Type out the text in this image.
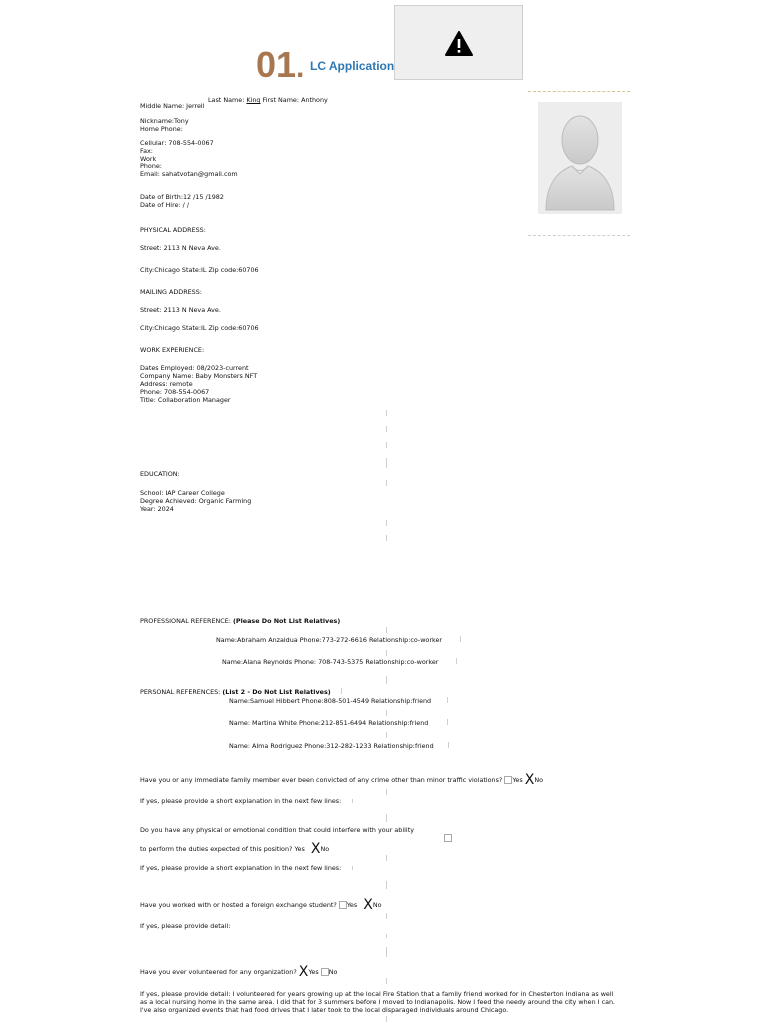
01. LC Application
Last Name: King First Name: Anthony
Middle Name: Jerrell
Nickname:Tony
Home Phone:
Cellular: 708-554-0067
Fax:
Work
Phone:
Email: sahatvotan@gmail.com
Date of Birth:12 /15 /1982
Date of Hire: / /
PHYSICAL ADDRESS:
Street: 2113 N Neva Ave.
City:Chicago State:IL Zip code:60706
MAILING ADDRESS:
Street: 2113 N Neva Ave.
City:Chicago State:IL Zip code:60706
WORK EXPERIENCE:
Dates Employed: 08/2023-current
Company Name: Baby Monsters NFT
Address: remote
Phone: 708-554-0067
Title: Collaboration Manager
EDUCATION:
School: IAP Career College
Degree Achieved: Organic Farming
Year: 2024
PROFESSIONAL REFERENCE: (Please Do Not List Relatives)
Name:Abraham Anzaldua Phone:773-272-6616 Relationship:co-worker
Name:Alana Reynolds Phone: 708-743-5375 Relationship:co-worker
PERSONAL REFERENCES: (List 2 - Do Not List Relatives)
Name:Samuel Hibbert Phone:808-501-4549 Relationship:friend
Name: Martina White Phone:212-851-6494 Relationship:friend
Name: Alma Rodriguez Phone:312-282-1233 Relationship:friend
Have you or any immediate family member ever been convicted of any crime other than minor traffic violations? Yes XNo
If yes, please provide a short explanation in the next few lines:
Do you have any physical or emotional condition that could interfere with your ability
to perform the duties expected of this position? Yes XNo
If yes, please provide a short explanation in the next few lines:
Have you worked with or hosted a foreign exchange student? Yes XNo
If yes, please provide detail:
Have you ever volunteered for any organization? XYes No
If yes, please provide detail: I volunteered for years growing up at the local Fire Station that a family friend worked for in Chesterton Indiana as well
as a local nursing home in the same area. I did that for 3 summers before I moved to Indianapolis. Now I feed the needy around the city when I can.
I've also organized events that had food drives that I later took to the local disparaged individuals around Chicago.
